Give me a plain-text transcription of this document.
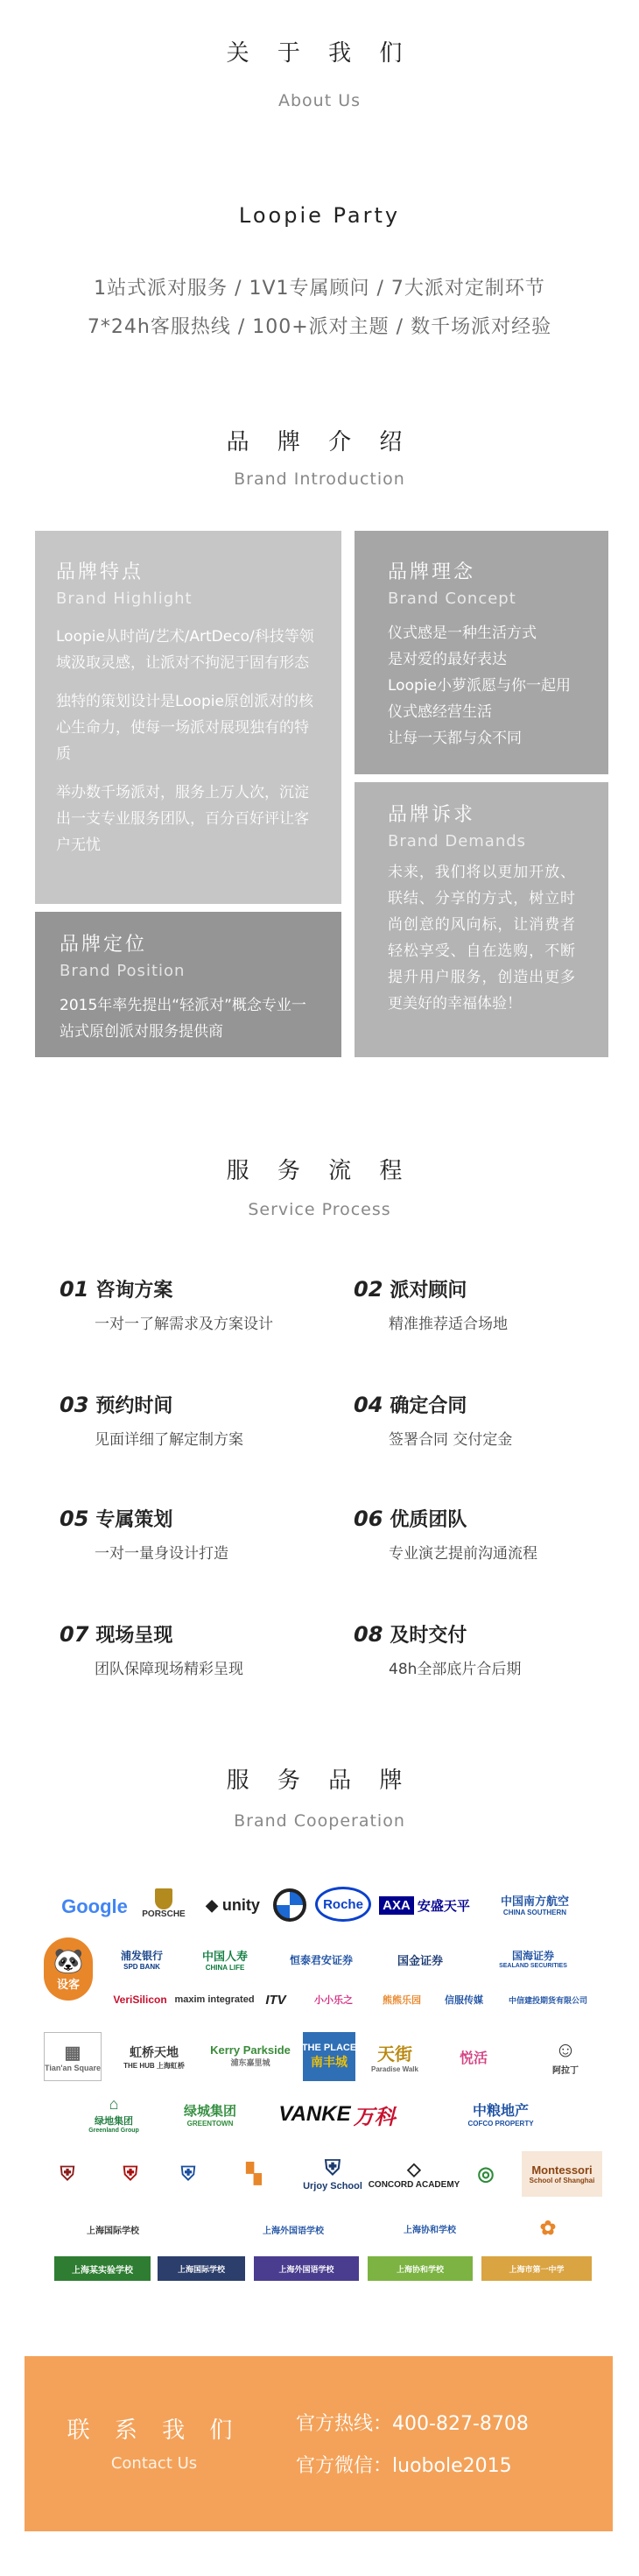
关 于 我 们
About Us
Loopie Party
1站式派对服务 / 1V1专属顾问 / 7大派对定制环节
7*24h客服热线 / 100+派对主题 / 数千场派对经验
品 牌 介 绍
Brand Introduction
品牌特点
Brand Highlight

Loopie从时尚/艺术/ArtDeco/科技等领域汲取灵感，让派对不拘泥于固有形态

独特的策划设计是Loopie原创派对的核心生命力，使每一场派对展现独有的特质

举办数千场派对，服务上万人次，沉淀出一支专业服务团队，百分百好评让客户无忧

品牌定位
Brand Position

2015年率先提出“轻派对”概念专业一站式原创派对服务提供商

品牌理念
Brand Concept

仪式感是一种生活方式
是对爱的最好表达
Loopie小萝派愿与你一起用仪式感经营生活
让每一天都与众不同

品牌诉求
Brand Demands

未来，我们将以更加开放、联结、分享的方式，树立时尚创意的风向标，让消费者轻松享受、自在选购，不断提升用户服务，创造出更多更美好的幸福体验！

服 务 流 程
Service Process
01 咨询方案
一对一了解需求及方案设计
02 派对顾问
精准推荐适合场地
03 预约时间
见面详细了解定制方案
04 确定合同
签署合同 交付定金
05 专属策划
一对一量身设计打造
06 优质团队
专业演艺提前沟通流程
07 现场呈现
团队保障现场精彩呈现
08 及时交付
48h全部底片合后期
服 务 品 牌
Brand Cooperation
Google	PORSCHE
◆ unity	Roche	AXA 安盛天平	中国南方航空
CHINA SOUTHERN
🐼
设客
浦发银行
SPD BANK
中国人寿
CHINA LIFE
恒泰君安证券	国金证券	国海证券
SEALAND SECURITIES
VeriSilicon maxim integrated ITV	小小乐之	熊熊乐园	信服传媒	中信建投期货有限公司
▦
Tian'an Square
虹桥天地
THE HUB 上海虹桥
Kerry Parkside
浦东嘉里城
THE PLACE
南丰城 天街
Paradise Walk
悦活	☺
阿拉丁
⌂
绿地集团
Greenland Group
绿城集团
GREENTOWN VANKE 万科	中粮地产
COFCO PROPERTY
⛨	⛨	⛨	▚	⛨
Urjoy School
◇
CONCORD ACADEMY
◎	Montessori
School of Shanghai
上海国际学校	上海外国语学校	上海协和学校	✿
上海某实验学校	上海国际学校	上海外国语学校	上海协和学校	上海市第一中学
联 系 我 们
Contact Us
官方热线：400-827-8708
官方微信：luobole2015
